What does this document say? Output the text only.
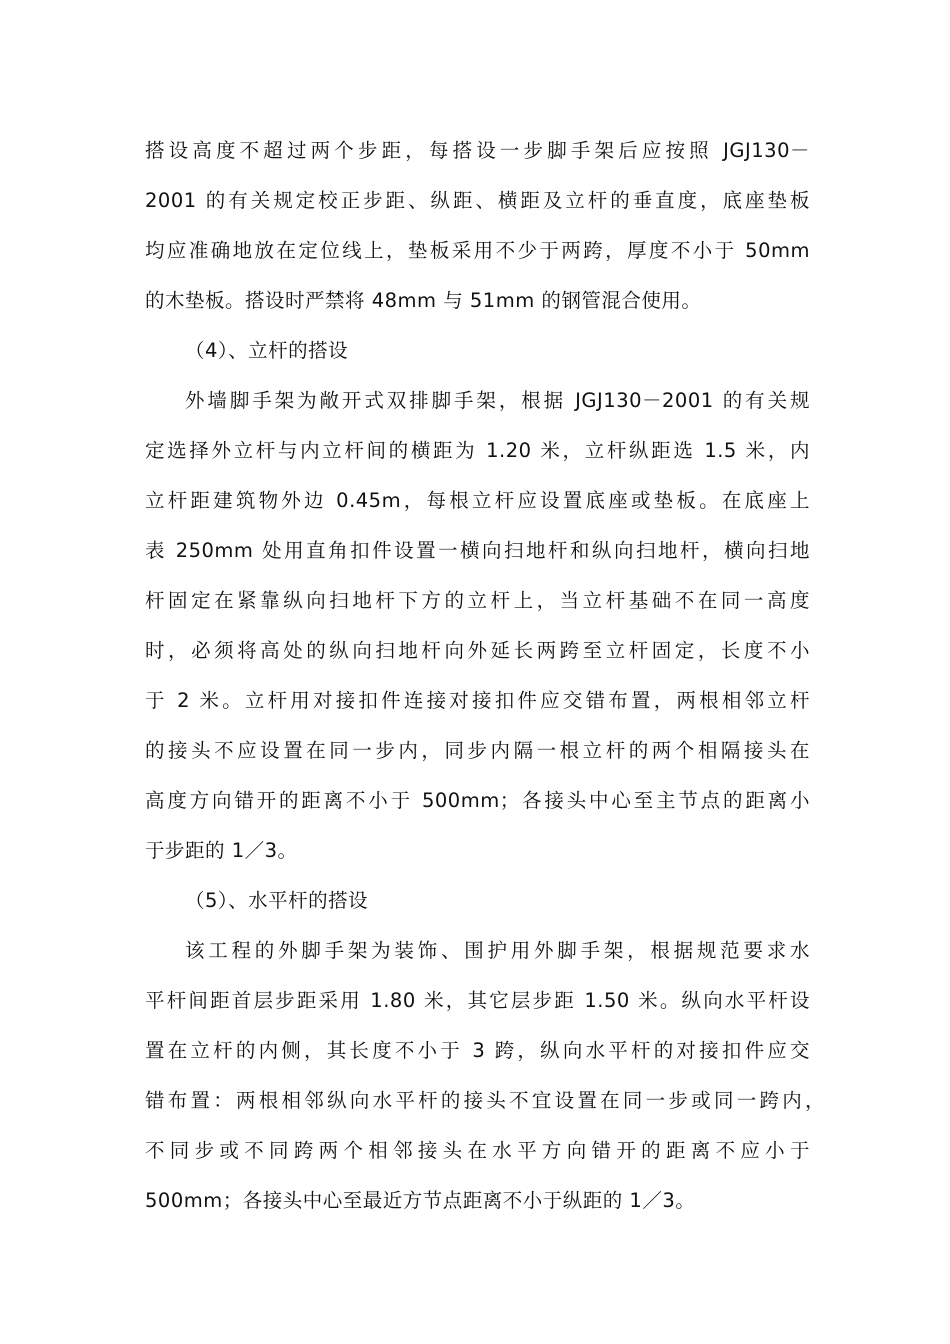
搭设高度不超过两个步距，每搭设一步脚手架后应按照 JGJ130－
2001 的有关规定校正步距、纵距、横距及立杆的垂直度，底座垫板
均应准确地放在定位线上，垫板采用不少于两跨，厚度不小于 50mm
的木垫板。搭设时严禁将 48mm 与 51mm 的钢管混合使用。
（4）、立杆的搭设
外墙脚手架为敞开式双排脚手架，根据 JGJ130－2001 的有关规
定选择外立杆与内立杆间的横距为 1.20 米，立杆纵距选 1.5 米，内
立杆距建筑物外边 0.45m，每根立杆应设置底座或垫板。在底座上
表 250mm 处用直角扣件设置一横向扫地杆和纵向扫地杆，横向扫地
杆固定在紧靠纵向扫地杆下方的立杆上，当立杆基础不在同一高度
时，必须将高处的纵向扫地杆向外延长两跨至立杆固定，长度不小
于 2 米。立杆用对接扣件连接对接扣件应交错布置，两根相邻立杆
的接头不应设置在同一步内，同步内隔一根立杆的两个相隔接头在
高度方向错开的距离不小于 500mm；各接头中心至主节点的距离小
于步距的 1／3。
（5）、水平杆的搭设
该工程的外脚手架为装饰、围护用外脚手架，根据规范要求水
平杆间距首层步距采用 1.80 米，其它层步距 1.50 米。纵向水平杆设
置在立杆的内侧，其长度不小于 3 跨，纵向水平杆的对接扣件应交
错布置：两根相邻纵向水平杆的接头不宜设置在同一步或同一跨内，
不同步或不同跨两个相邻接头在水平方向错开的距离不应小于
500mm；各接头中心至最近方节点距离不小于纵距的 1／3。
